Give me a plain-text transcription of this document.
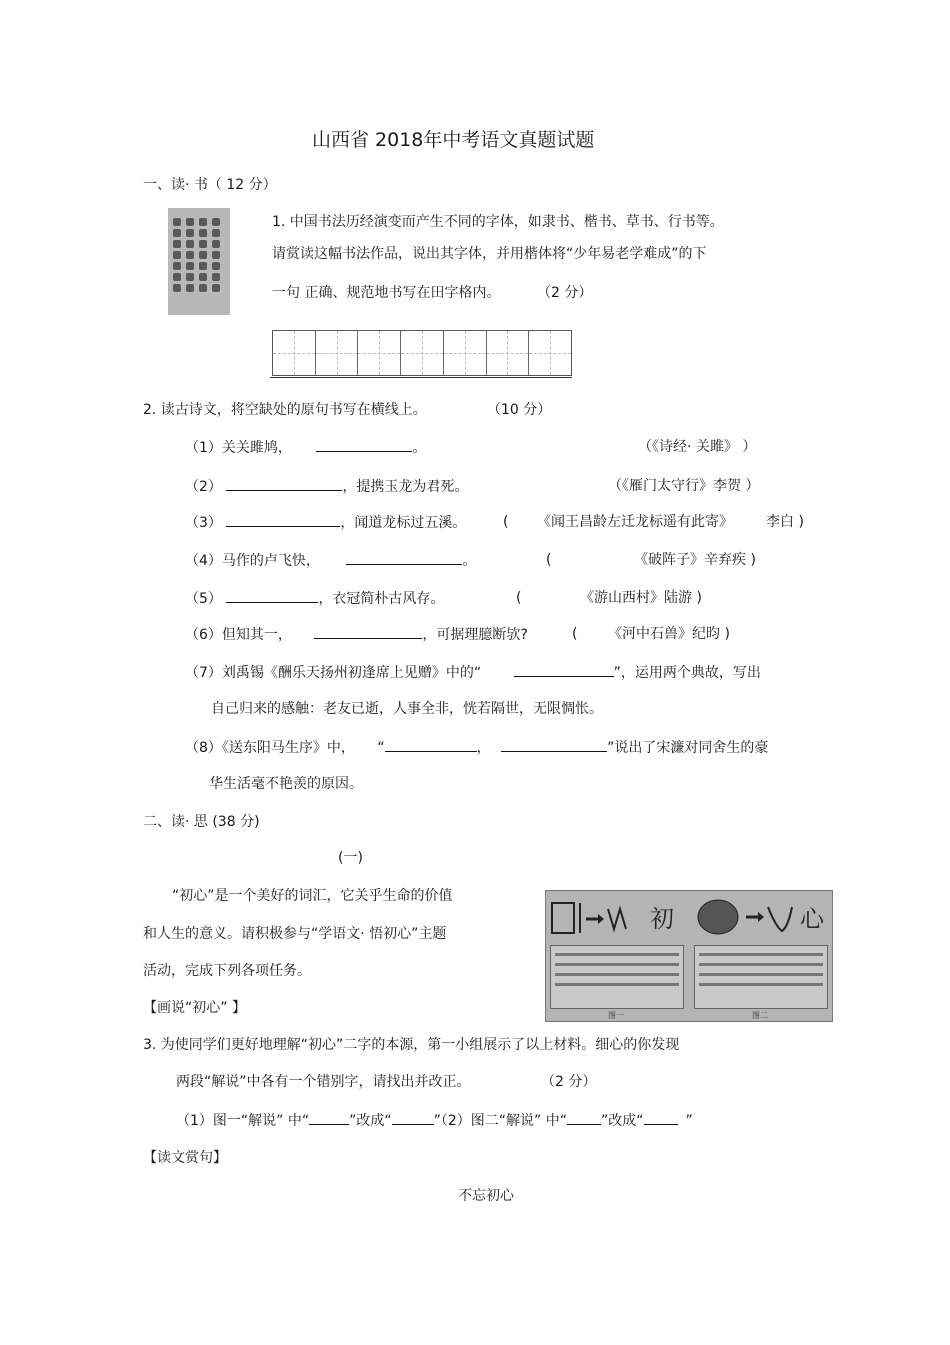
山西省 2018年中考语文真题试题
一、读· 书（ 12 分）
1. 中国书法历经演变而产生不同的字体，如隶书、楷书、草书、行书等。
请赏读这幅书法作品，说出其字体，并用楷体将“少年易老学难成”的下
一句 正确、规范地书写在田字格内。	（2 分）
2. 读古诗文，将空缺处的原句书写在横线上。	（10 分）
（1）关关雎鸠，	。	（《诗经· 关雎》 ）
（2）	，提携玉龙为君死。	（《雁门太守行》李贺 ）
（3）	，闻道龙标过五溪。	( 《闻王昌龄左迁龙标遥有此寄》 李白 )
（4）马作的卢飞快，	。	(	《破阵子》辛弃疾 )
（5）	，衣冠简朴古风存。	(	《游山西村》陆游 )
（6）但知其一，	，可据理臆断欤?	( 《河中石兽》纪昀 )
（7）刘禹锡《酬乐天扬州初逢席上见赠》中的“	”，运用两个典故，写出
自己归来的感触：老友已逝，人事全非，恍若隔世，无限惆怅。
（8）《送东阳马生序》中， “	，	”说出了宋濂对同舍生的豪
华生活毫不艳羡的原因。
二、读· 思 (38 分)
(一)
“初心”是一个美好的词汇，它关乎生命的价值
和人生的意义。请积极参与“学语文· 悟初心”主题
活动，完成下列各项任务。
【画说“初心” 】
初
图一
心
图二
3. 为使同学们更好地理解“初心”二字的本源，第一小组展示了以上材料。细心的你发现
两段“解说”中各有一个错别字，请找出并改正。	（2 分）
（1）图一“解说” 中“	”改成“	”（2）图二“解说” 中“ ”改成“	”
【读文赏句】
不忘初心
